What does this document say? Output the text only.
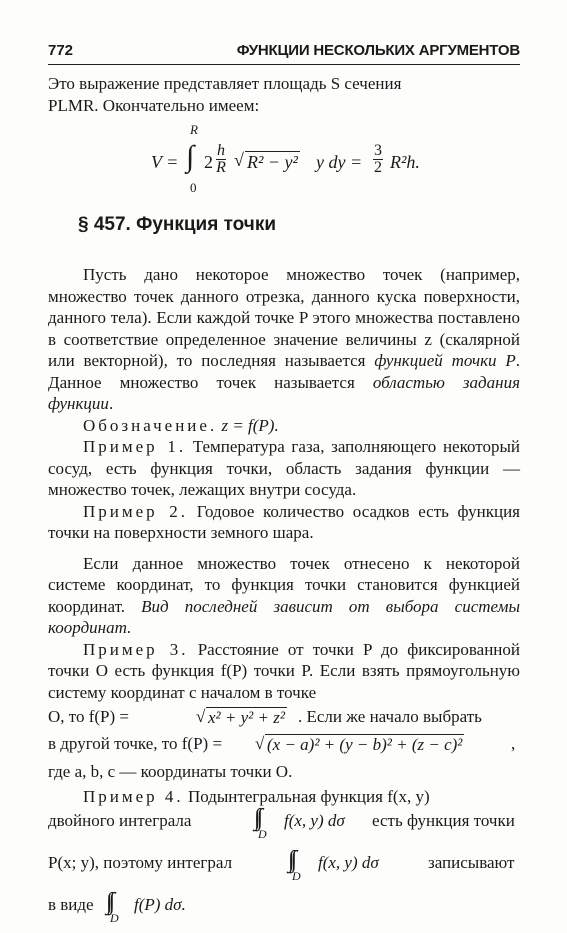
772	ФУНКЦИИ НЕСКОЛЬКИХ АРГУМЕНТОВ

Это выражение представляет площадь S сечения

PLMR. Окончательно имеем:

V =
R
∫
0
$2 \frac{h}{R}$ √ R² − y² y dy = $\frac{3}{2} R^2h$.
§ 457. Функция точки

Пусть дано некоторое множество точек (например, множество точек данного отрезка, данного куска поверхности, данного тела). Если каждой точке P этого множества поставлено в соответствие определенное значение величины z (скалярной или векторной), то последняя называется функцией точки P. Данное множество точек называется областью задания функции.

Обозначение. z = f(P).

Пример 1. Температура газа, заполняющего некоторый сосуд, есть функция точки, область задания функции — множество точек, лежащих внутри сосуда.

Пример 2. Годовое количество осадков есть функция точки на поверхности земного шара.

Если данное множество точек отнесено к некоторой системе координат, то функция точки становится функцией координат. Вид последней зависит от выбора системы координат.

Пример 3. Расстояние от точки P до фиксированной точки O есть функция f(P) точки P. Если взять прямоугольную систему координат с началом в точке

O, то f(P) =	√ x² + y² + z² . Если же начало выбрать
в другой точке, то f(P) = √ (x − a)² + (y − b)² + (z − c)²	,

где a, b, c — координаты точки O.

Пример 4. Подынтегральная функция f(x, y)

двойного интеграла	∫∫
D
f(x, y) dσ есть функция точки
P(x; y), поэтому интеграл ∫∫
D
f(x, y) dσ	записывают
в виде ∫∫
D
f(P) dσ.
